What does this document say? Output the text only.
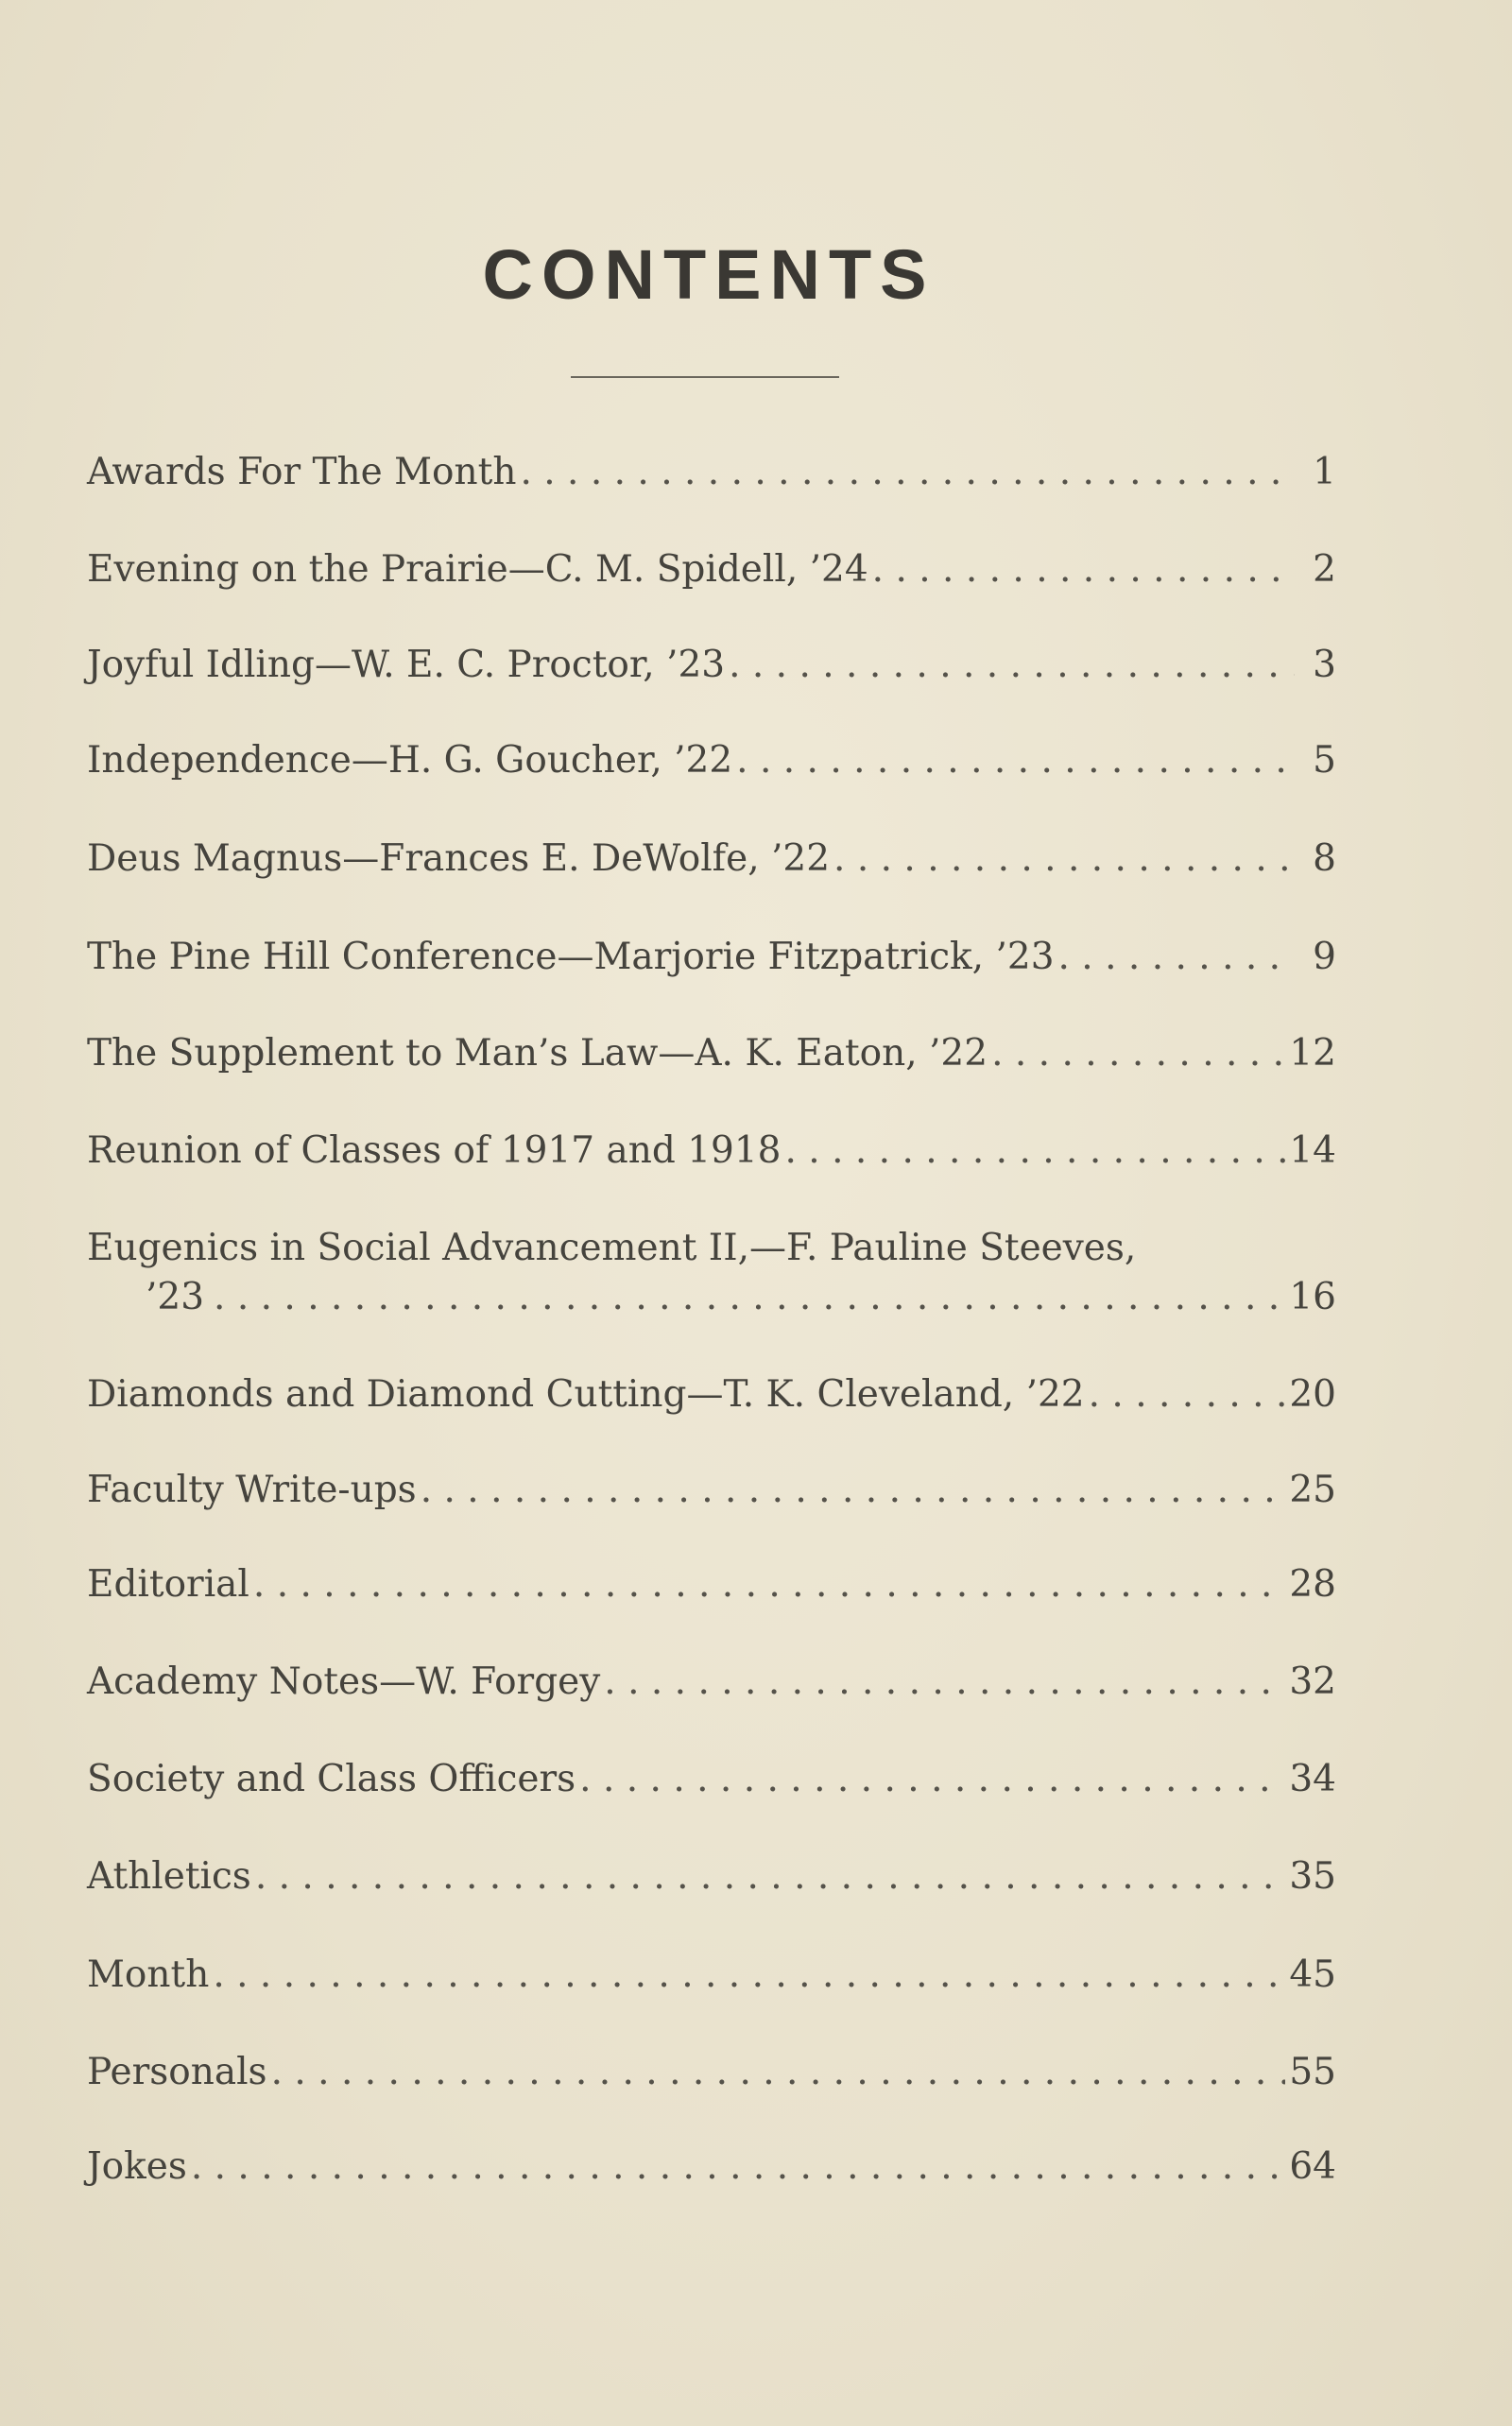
CONTENTS
Awards For The Month . . .	1
Evening on the Prairie—C. M. Spidell, ’24 . . .	2
Joyful Idling—W. E. C. Proctor, ’23 . . .	3
Independence—H. G. Goucher, ’22 . . .	5
Deus Magnus—Frances E. DeWolfe, ’22 . . .	8
The Pine Hill Conference—Marjorie Fitzpatrick, ’23 . . .	9
The Supplement to Man’s Law—A. K. Eaton, ’22 . . .	12
Reunion of Classes of 1917 and 1918 . . .	14
Eugenics in Social Advancement II,—F. Pauline Steeves,
’23 . . .	16
Diamonds and Diamond Cutting—T. K. Cleveland, ’22 . . .	20
Faculty Write-ups . . .	25
Editorial . . .	28
Academy Notes—W. Forgey . . .	32
Society and Class Officers . . .	34
Athletics . . .	35
Month . . .	45
Personals . . .	55
Jokes . . .	64
